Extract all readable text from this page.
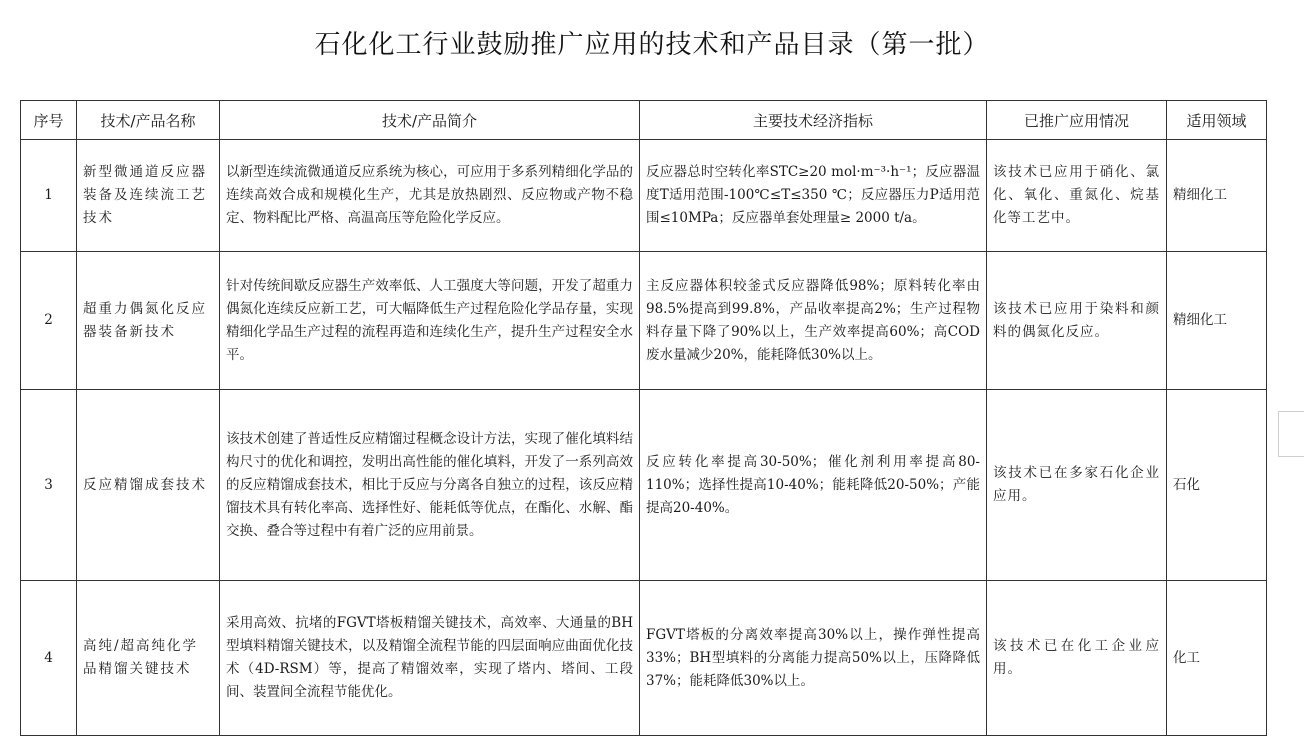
石化化工行业鼓励推广应用的技术和产品目录（第一批）
序号	技术/产品名称	技术/产品简介	主要技术经济指标	已推广应用情况	适用领域
1	新型微通道反应器装备及连续流工艺技术	以新型连续流微通道反应系统为核心，可应用于多系列精细化学品的连续高效合成和规模化生产，尤其是放热剧烈、反应物或产物不稳定、物料配比严格、高温高压等危险化学反应。	反应器总时空转化率STC≥20 mol·m⁻³·h⁻¹；反应器温度T适用范围-100℃≤T≤350 ℃；反应器压力P适用范围≤10MPa；反应器单套处理量≥ 2000 t/a。	该技术已应用于硝化、氯化、氧化、重氮化、烷基化等工艺中。	精细化工
2	超重力偶氮化反应器装备新技术	针对传统间歇反应器生产效率低、人工强度大等问题，开发了超重力偶氮化连续反应新工艺，可大幅降低生产过程危险化学品存量，实现精细化学品生产过程的流程再造和连续化生产，提升生产过程安全水平。	主反应器体积较釜式反应器降低98%；原料转化率由98.5%提高到99.8%，产品收率提高2%；生产过程物料存量下降了90%以上，生产效率提高60%；高COD废水量减少20%，能耗降低30%以上。	该技术已应用于染料和颜料的偶氮化反应。	精细化工
3	反应精馏成套技术	该技术创建了普适性反应精馏过程概念设计方法，实现了催化填料结构尺寸的优化和调控，发明出高性能的催化填料，开发了一系列高效的反应精馏成套技术，相比于反应与分离各自独立的过程，该反应精馏技术具有转化率高、选择性好、能耗低等优点，在酯化、水解、酯交换、叠合等过程中有着广泛的应用前景。	反应转化率提高30-50%；催化剂利用率提高80-110%；选择性提高10-40%；能耗降低20-50%；产能提高20-40%。	该技术已在多家石化企业应用。	石化
4	高纯/超高纯化学品精馏关键技术	采用高效、抗堵的FGVT塔板精馏关键技术，高效率、大通量的BH型填料精馏关键技术，以及精馏全流程节能的四层面响应曲面优化技术（4D-RSM）等，提高了精馏效率，实现了塔内、塔间、工段间、装置间全流程节能优化。	FGVT塔板的分离效率提高30%以上，操作弹性提高33%；BH型填料的分离能力提高50%以上，压降降低37%；能耗降低30%以上。	该技术已在化工企业应用。	化工
